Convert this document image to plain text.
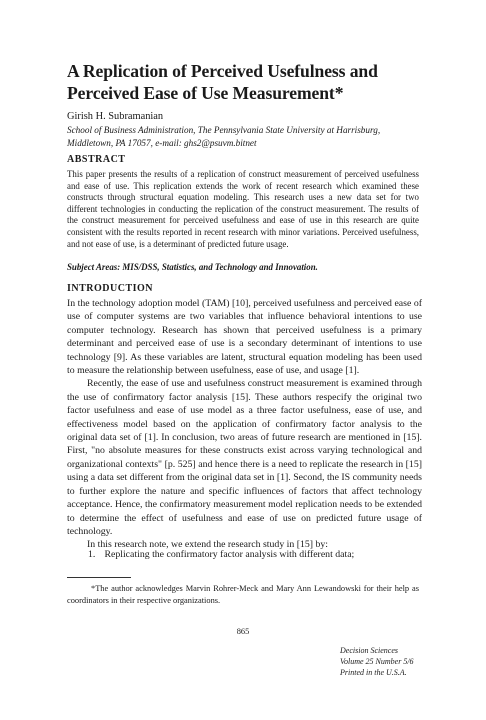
A Replication of Perceived Usefulness and Perceived Ease of Use Measurement*
Girish H. Subramanian
School of Business Administration, The Pennsylvania State University at Harrisburg,
Middletown, PA 17057, e-mail: ghs2@psuvm.bitnet
ABSTRACT
This paper presents the results of a replication of construct measurement of perceived usefulness and ease of use. This replication extends the work of recent research which examined these constructs through structural equation modeling. This research uses a new data set for two different technologies in conducting the replication of the construct measurement. The results of the construct measurement for perceived usefulness and ease of use in this research are quite consistent with the results reported in recent research with minor variations. Perceived usefulness, and not ease of use, is a determinant of predicted future usage.
Subject Areas: MIS/DSS, Statistics, and Technology and Innovation.
INTRODUCTION

In the technology adoption model (TAM) [10], perceived usefulness and perceived ease of use of computer systems are two variables that influence behavioral intentions to use computer technology. Research has shown that perceived usefulness is a primary determinant and perceived ease of use is a secondary determinant of intentions to use technology [9]. As these variables are latent, structural equation modeling has been used to measure the relationship between usefulness, ease of use, and usage [1].

Recently, the ease of use and usefulness construct measurement is examined through the use of confirmatory factor analysis [15]. These authors respecify the original two factor usefulness and ease of use model as a three factor usefulness, ease of use, and effectiveness model based on the application of confirmatory factor analysis to the original data set of [1]. In conclusion, two areas of future research are mentioned in [15]. First, "no absolute measures for these constructs exist across varying technological and organizational contexts" [p. 525] and hence there is a need to replicate the research in [15] using a data set different from the original data set in [1]. Second, the IS community needs to further explore the nature and specific influences of factors that affect technology acceptance. Hence, the confirmatory measurement model replication needs to be extended to determine the effect of usefulness and ease of use on predicted future usage of technology.

In this research note, we extend the research study in [15] by:

1. Replicating the confirmatory factor analysis with different data;
*The author acknowledges Marvin Rohrer-Meck and Mary Ann Lewandowski for their help as coordinators in their respective organizations.
865
Decision Sciences
Volume 25 Number 5/6
Printed in the U.S.A.
